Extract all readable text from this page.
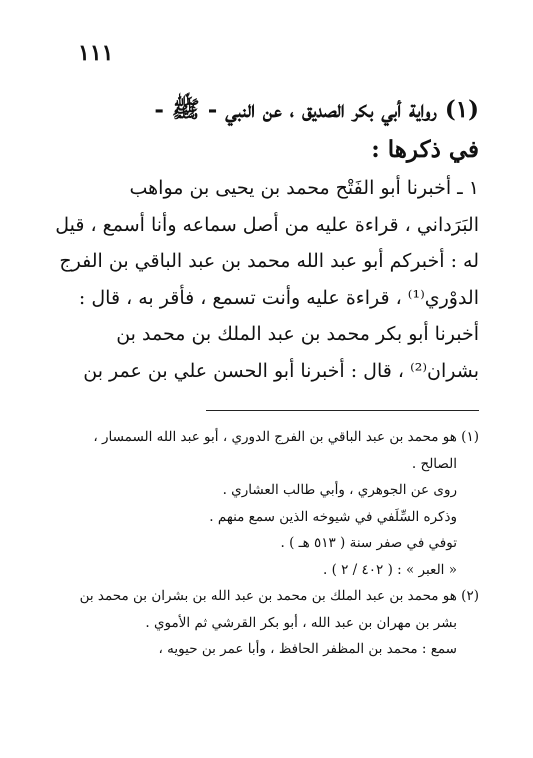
١١١
(١) رواية أبي بكر الصديق ، عن النبي - ﷺ -
في ذكرها :
١ ـ أخبرنا أبو الفَتْح محمد بن يحيى بن مواهب
البَرَداني ، قراءة عليه من أصل سماعه وأنا أسمع ، قيل
له : أخبركم أبو عبد الله محمد بن عبد الباقي بن الفرج
الدوْري⁽¹⁾ ، قراءة عليه وأنت تسمع ، فأقر به ، قال :
أخبرنا أبو بكر محمد بن عبد الملك بن محمد بن
بشران⁽²⁾ ، قال : أخبرنا أبو الحسن علي بن عمر بن
(١) هو محمد بن عبد الباقي بن الفرج الدوري ، أبو عبد الله السمسار ،
الصالح .
روى عن الجوهري ، وأبي طالب العشاري .
وذكره السِّلَفي في شيوخه الذين سمع منهم .
توفي في صفر سنة ( ٥١٣ هـ ) .
« العبر » : ( ٤٠٢ / ٢ ) .
(٢) هو محمد بن عبد الملك بن محمد بن عبد الله بن بشران بن محمد بن
بشر بن مهران بن عبد الله ، أبو بكر القرشي ثم الأموي .
سمع : محمد بن المظفر الحافظ ، وأبا عمر بن حيويه ،
